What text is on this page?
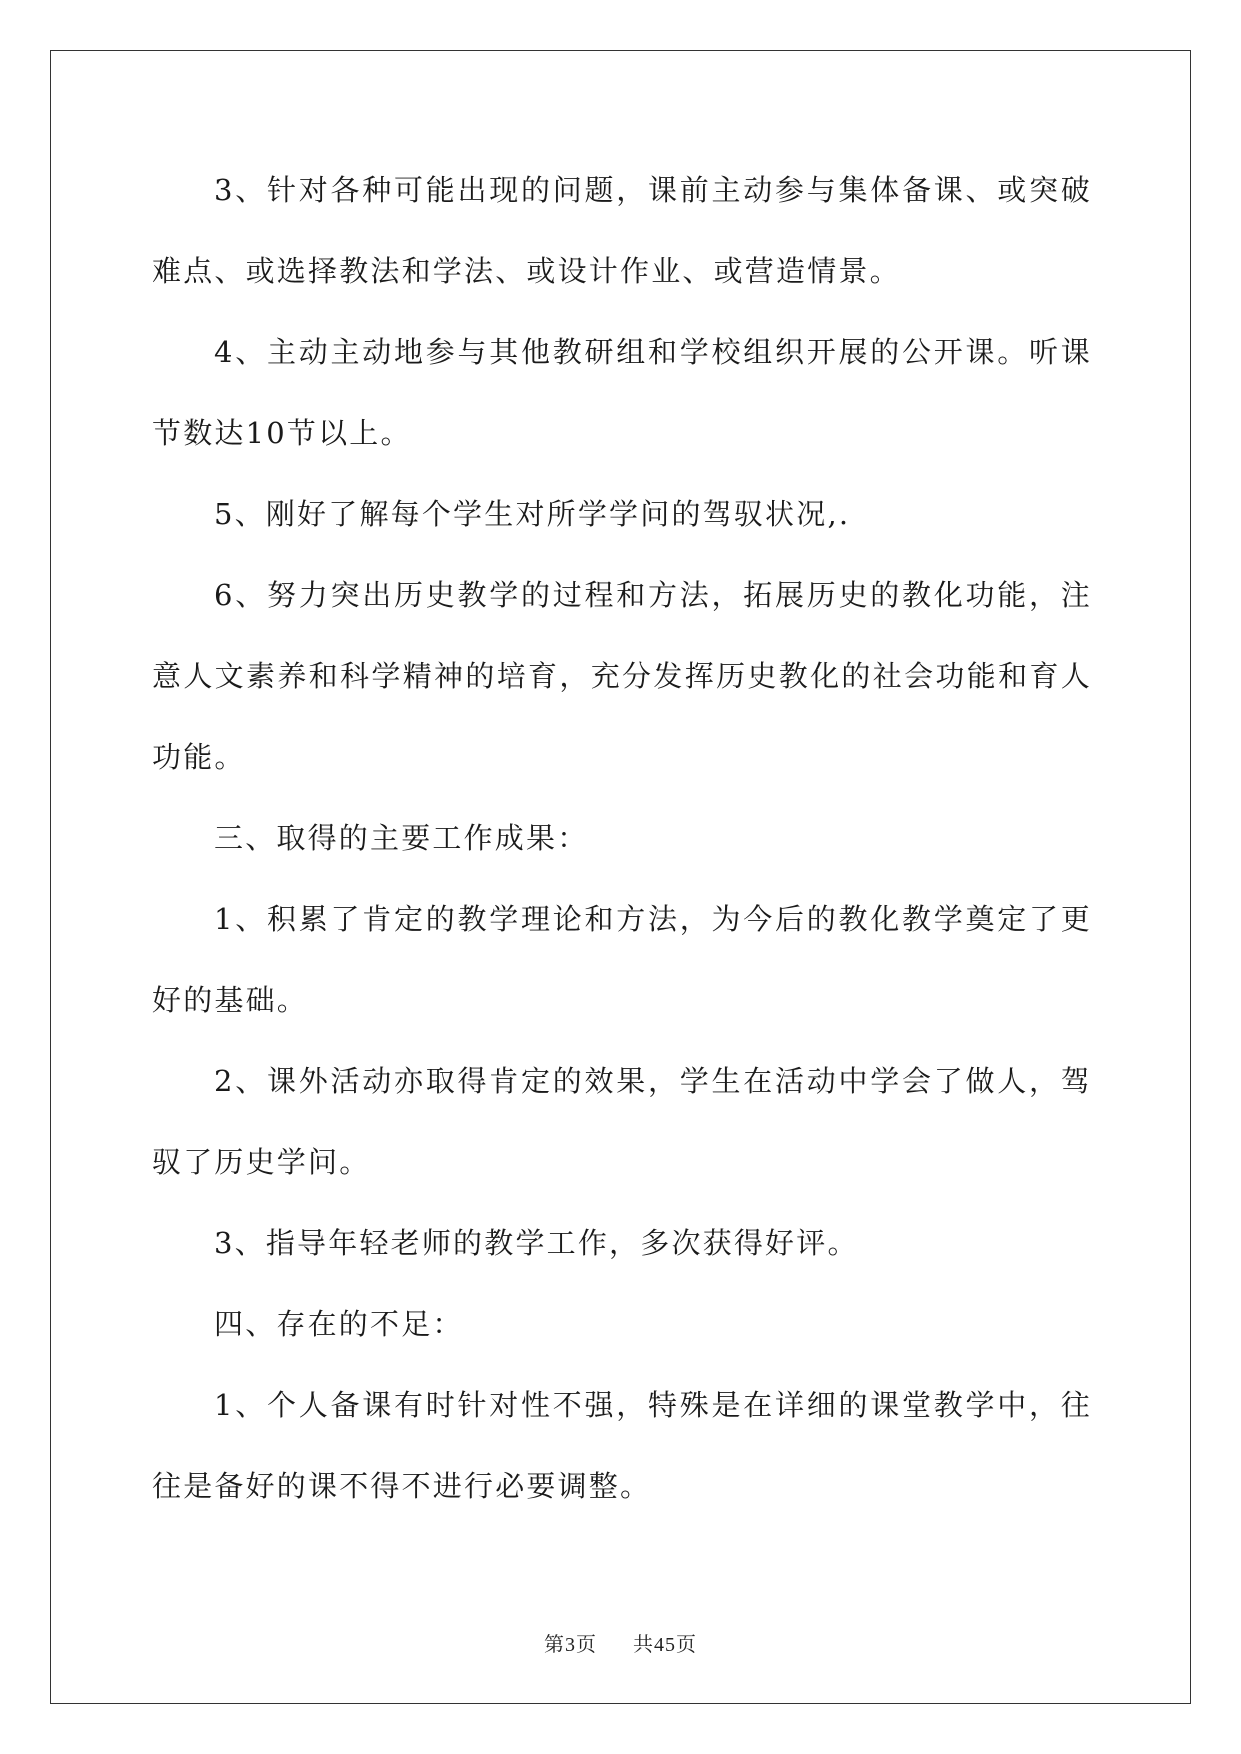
3、针对各种可能出现的问题，课前主动参与集体备课、或突破难点、或选择教法和学法、或设计作业、或营造情景。

4、主动主动地参与其他教研组和学校组织开展的公开课。听课节数达10节以上。

5、刚好了解每个学生对所学学问的驾驭状况,.

6、努力突出历史教学的过程和方法，拓展历史的教化功能，注意人文素养和科学精神的培育，充分发挥历史教化的社会功能和育人功能。

三、取得的主要工作成果：

1、积累了肯定的教学理论和方法，为今后的教化教学奠定了更好的基础。

2、课外活动亦取得肯定的效果，学生在活动中学会了做人，驾驭了历史学问。

3、指导年轻老师的教学工作，多次获得好评。

四、存在的不足：

1、个人备课有时针对性不强，特殊是在详细的课堂教学中，往往是备好的课不得不进行必要调整。

第3页 共45页
